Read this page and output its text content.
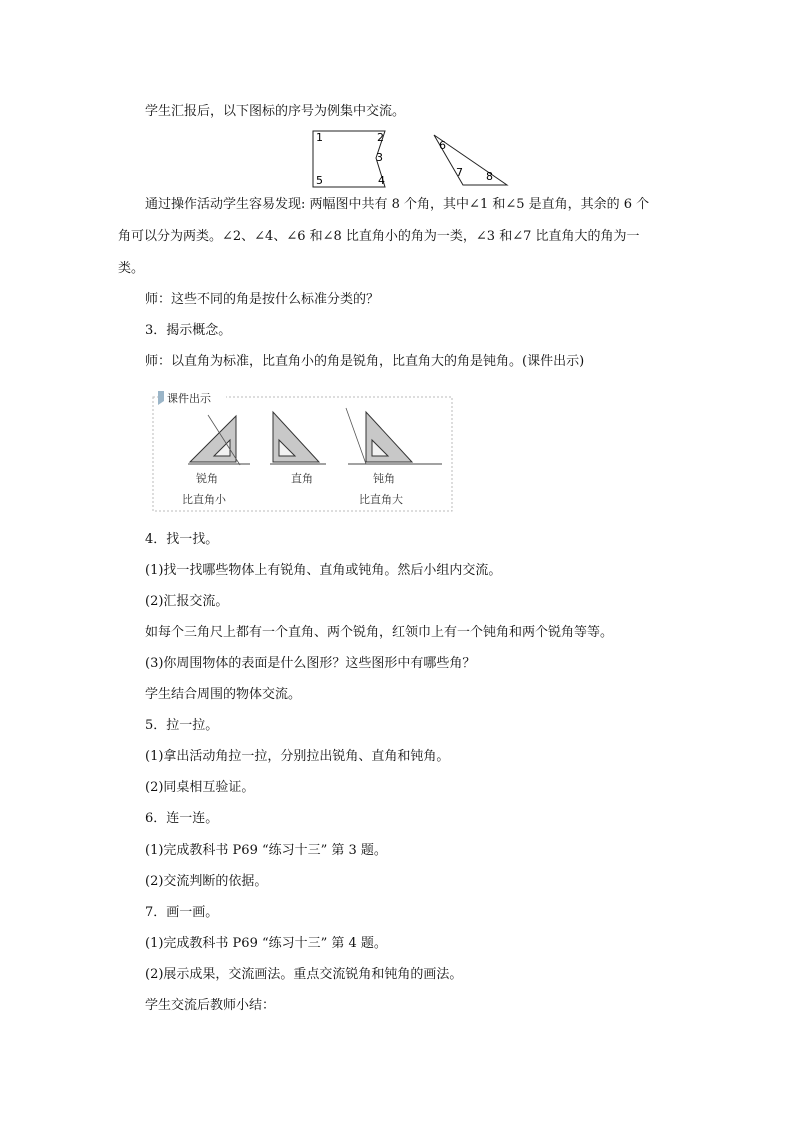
学生汇报后，以下图标的序号为例集中交流。
1	2
3
4
5
6
7 8
通过操作活动学生容易发现: 两幅图中共有 8 个角，其中∠1 和∠5 是直角，其余的 6 个
角可以分为两类。∠2、∠4、∠6 和∠8 比直角小的角为一类，∠3 和∠7 比直角大的角为一
类。
师：这些不同的角是按什么标准分类的？
3．揭示概念。
师：以直角为标准，比直角小的角是锐角，比直角大的角是钝角。(课件出示)
课件出示
锐角	直角	钝角
比直角小	比直角大
4．找一找。
(1)找一找哪些物体上有锐角、直角或钝角。然后小组内交流。
(2)汇报交流。
如每个三角尺上都有一个直角、两个锐角，红领巾上有一个钝角和两个锐角等等。
(3)你周围物体的表面是什么图形？这些图形中有哪些角？
学生结合周围的物体交流。
5．拉一拉。
(1)拿出活动角拉一拉，分别拉出锐角、直角和钝角。
(2)同桌相互验证。
6．连一连。
(1)完成教科书 P69 “练习十三” 第 3 题。
(2)交流判断的依据。
7．画一画。
(1)完成教科书 P69 “练习十三” 第 4 题。
(2)展示成果，交流画法。重点交流锐角和钝角的画法。
学生交流后教师小结：
